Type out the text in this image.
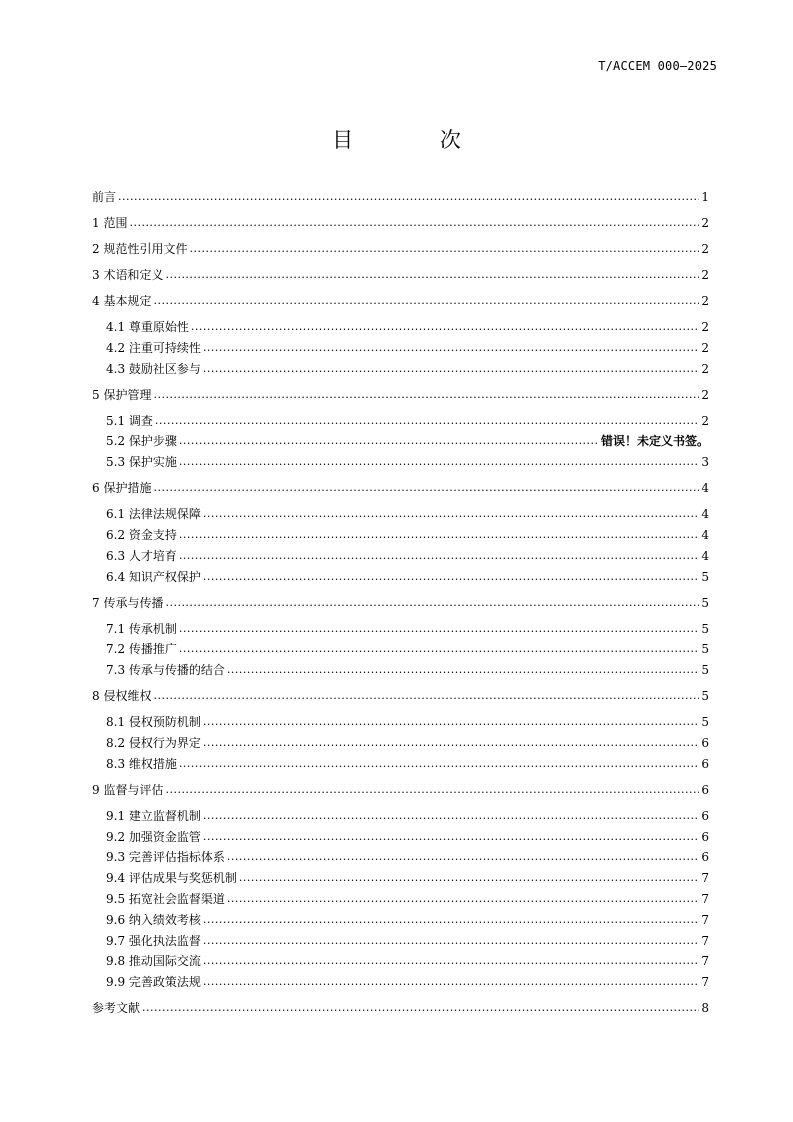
T/ACCEM 000—2025
目 次
前言 .....	1
1 范围 .....	2
2 规范性引用文件 .....	2
3 术语和定义 .....	2
4 基本规定 .....	2
4.1 尊重原始性 .....	2
4.2 注重可持续性 .....	2
4.3 鼓励社区参与 .....	2
5 保护管理 .....	2
5.1 调查 .....	2
5.2 保护步骤 .....	错误！未定义书签。
5.3 保护实施 .....	3
6 保护措施 .....	4
6.1 法律法规保障 .....	4
6.2 资金支持 .....	4
6.3 人才培育 .....	4
6.4 知识产权保护 .....	5
7 传承与传播 .....	5
7.1 传承机制 .....	5
7.2 传播推广 .....	5
7.3 传承与传播的结合 .....	5
8 侵权维权 .....	5
8.1 侵权预防机制 .....	5
8.2 侵权行为界定 .....	6
8.3 维权措施 .....	6
9 监督与评估 .....	6
9.1 建立监督机制 .....	6
9.2 加强资金监管 .....	6
9.3 完善评估指标体系 .....	6
9.4 评估成果与奖惩机制 .....	7
9.5 拓宽社会监督渠道 .....	7
9.6 纳入绩效考核 .....	7
9.7 强化执法监督 .....	7
9.8 推动国际交流 .....	7
9.9 完善政策法规 .....	7
参考文献 .....	8
